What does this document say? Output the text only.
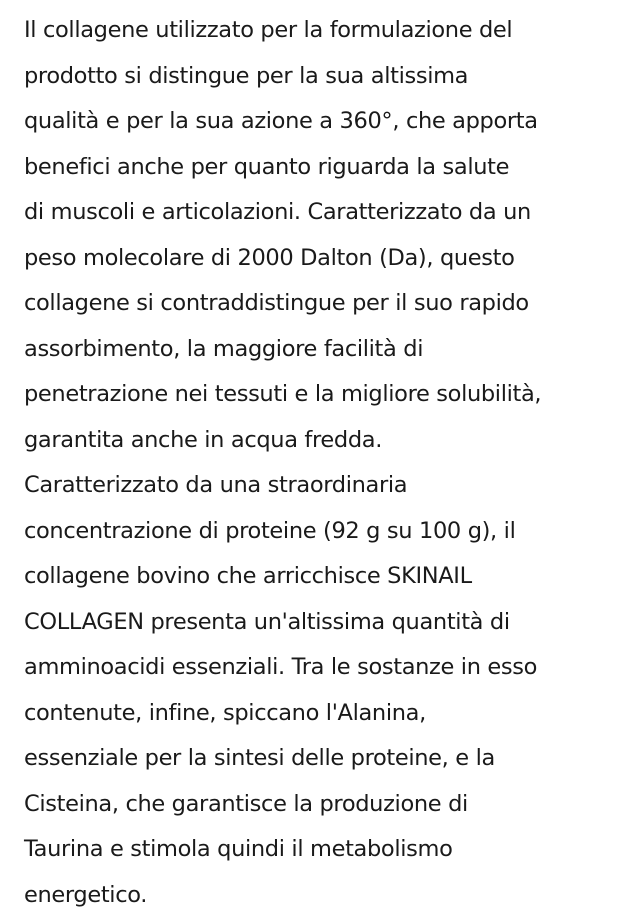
Il collagene utilizzato per la formulazione del
prodotto si distingue per la sua altissima
qualità e per la sua azione a 360°, che apporta
benefici anche per quanto riguarda la salute
di muscoli e articolazioni. Caratterizzato da un
peso molecolare di 2000 Dalton (Da), questo
collagene si contraddistingue per il suo rapido
assorbimento, la maggiore facilità di
penetrazione nei tessuti e la migliore solubilità,
garantita anche in acqua fredda.
Caratterizzato da una straordinaria
concentrazione di proteine (92 g su 100 g), il
collagene bovino che arricchisce SKINAIL
COLLAGEN presenta un'altissima quantità di
amminoacidi essenziali. Tra le sostanze in esso
contenute, infine, spiccano l'Alanina,
essenziale per la sintesi delle proteine, e la
Cisteina, che garantisce la produzione di
Taurina e stimola quindi il metabolismo
energetico.
